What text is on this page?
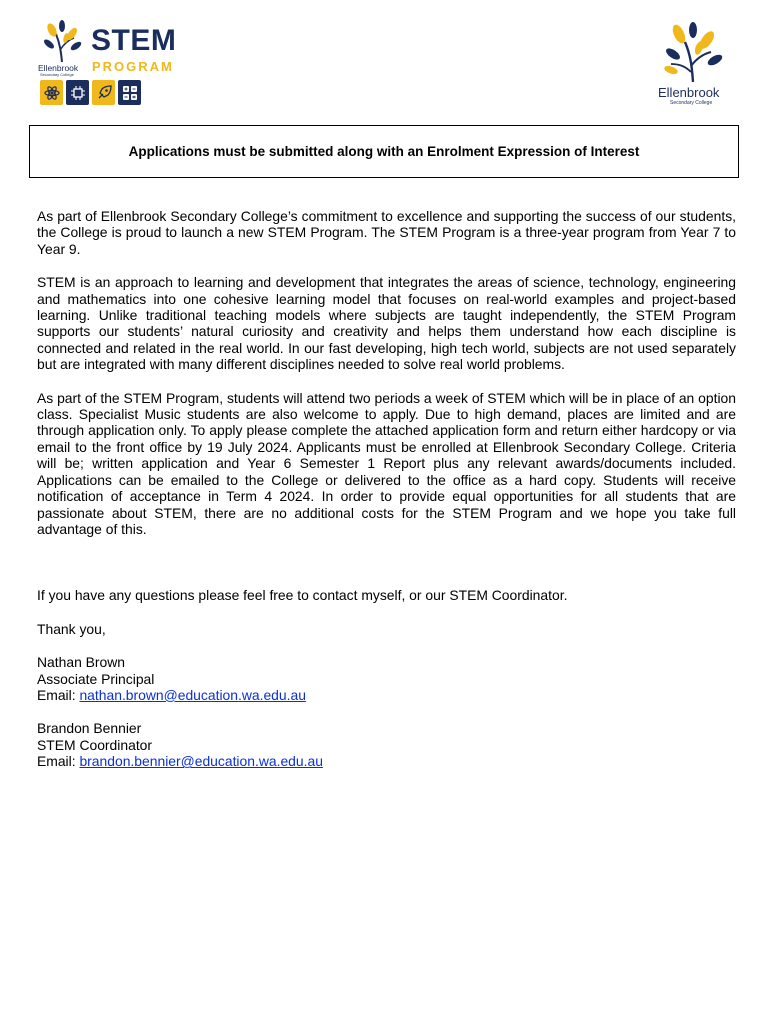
STEM
PROGRAM
Ellenbrook
Secondary College
Ellenbrook
Secondary College
Applications must be submitted along with an Enrolment Expression of Interest

As part of Ellenbrook Secondary College’s commitment to excellence and supporting the success of our students, the College is proud to launch a new STEM Program. The STEM Program is a three-year program from Year 7 to Year 9.

STEM is an approach to learning and development that integrates the areas of science, technology, engineering and mathematics into one cohesive learning model that focuses on real-world examples and project-based learning. Unlike traditional teaching models where subjects are taught independently, the STEM Program supports our students’ natural curiosity and creativity and helps them understand how each discipline is connected and related in the real world. In our fast developing, high tech world, subjects are not used separately but are integrated with many different disciplines needed to solve real world problems.

As part of the STEM Program, students will attend two periods a week of STEM which will be in place of an option class. Specialist Music students are also welcome to apply. Due to high demand, places are limited and are through application only. To apply please complete the attached application form and return either hardcopy or via email to the front office by 19 July 2024. Applicants must be enrolled at Ellenbrook Secondary College. Criteria will be; written application and Year 6 Semester 1 Report plus any relevant awards/documents included. Applications can be emailed to the College or delivered to the office as a hard copy. Students will receive notification of acceptance in Term 4 2024. In order to provide equal opportunities for all students that are passionate about STEM, there are no additional costs for the STEM Program and we hope you take full advantage of this.

If you have any questions please feel free to contact myself, or our STEM Coordinator.

Thank you,

Nathan Brown
Associate Principal
Email: nathan.brown@education.wa.edu.au
Brandon Bennier
STEM Coordinator
Email: brandon.bennier@education.wa.edu.au
